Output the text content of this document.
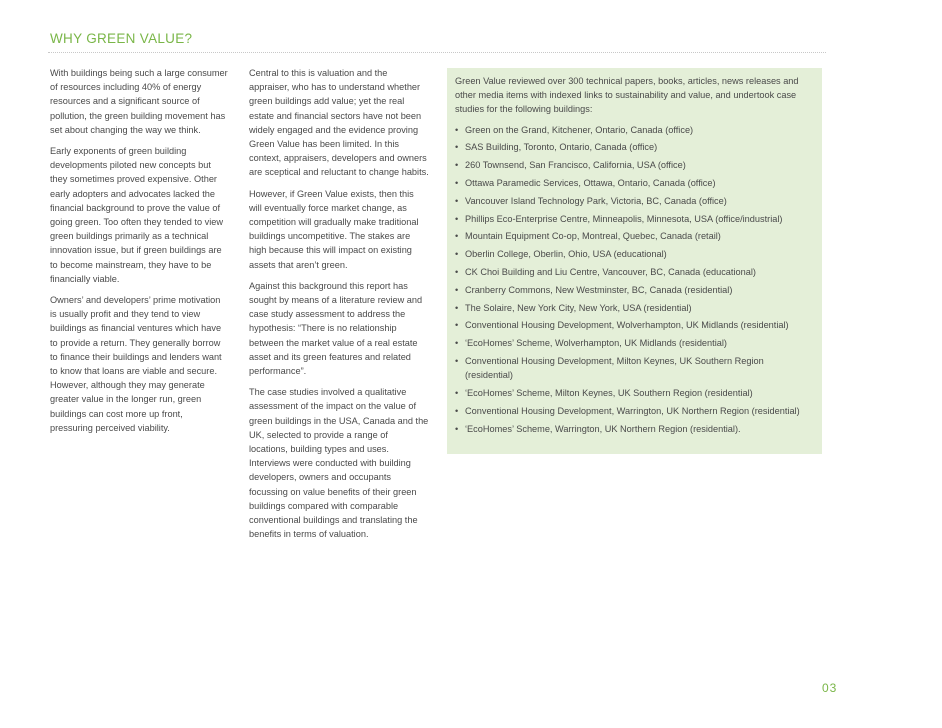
WHY GREEN VALUE?

With buildings being such a large consumer of resources including 40% of energy resources and a significant source of pollution, the green building movement has set about changing the way we think.

Early exponents of green building developments piloted new concepts but they sometimes proved expensive. Other early adopters and advocates lacked the financial background to prove the value of going green. Too often they tended to view green buildings primarily as a technical innovation issue, but if green buildings are to become mainstream, they have to be financially viable.

Owners’ and developers’ prime motivation is usually profit and they tend to view buildings as financial ventures which have to provide a return. They generally borrow to finance their buildings and lenders want to know that loans are viable and secure. However, although they may generate greater value in the longer run, green buildings can cost more up front, pressuring perceived viability.

Central to this is valuation and the appraiser, who has to understand whether green buildings add value; yet the real estate and financial sectors have not been widely engaged and the evidence proving Green Value has been limited. In this context, appraisers, developers and owners are sceptical and reluctant to change habits.

However, if Green Value exists, then this will eventually force market change, as competition will gradually make traditional buildings uncompetitive. The stakes are high because this will impact on existing assets that aren’t green.

Against this background this report has sought by means of a literature review and case study assessment to address the hypothesis: “There is no relationship between the market value of a real estate asset and its green features and related performance”.

The case studies involved a qualitative assessment of the impact on the value of green buildings in the USA, Canada and the UK, selected to provide a range of locations, building types and uses. Interviews were conducted with building developers, owners and occupants focussing on value benefits of their green buildings compared with comparable conventional buildings and translating the benefits in terms of valuation.

Green Value reviewed over 300 technical papers, books, articles, news releases and other media items with indexed links to sustainability and value, and undertook case studies for the following buildings:

• Green on the Grand, Kitchener, Ontario, Canada (office)
• SAS Building, Toronto, Ontario, Canada (office)
• 260 Townsend, San Francisco, California, USA (office)
• Ottawa Paramedic Services, Ottawa, Ontario, Canada (office)
• Vancouver Island Technology Park, Victoria, BC, Canada (office)
• Phillips Eco-Enterprise Centre, Minneapolis, Minnesota, USA (office/industrial)
• Mountain Equipment Co-op, Montreal, Quebec, Canada (retail)
• Oberlin College, Oberlin, Ohio, USA (educational)
• CK Choi Building and Liu Centre, Vancouver, BC, Canada (educational)
• Cranberry Commons, New Westminster, BC, Canada (residential)
• The Solaire, New York City, New York, USA (residential)
• Conventional Housing Development, Wolverhampton, UK Midlands (residential)
• ‘EcoHomes’ Scheme, Wolverhampton, UK Midlands (residential)
• Conventional Housing Development, Milton Keynes, UK Southern Region (residential)
• ‘EcoHomes’ Scheme, Milton Keynes, UK Southern Region (residential)
• Conventional Housing Development, Warrington, UK Northern Region (residential)
• ‘EcoHomes’ Scheme, Warrington, UK Northern Region (residential).
03
